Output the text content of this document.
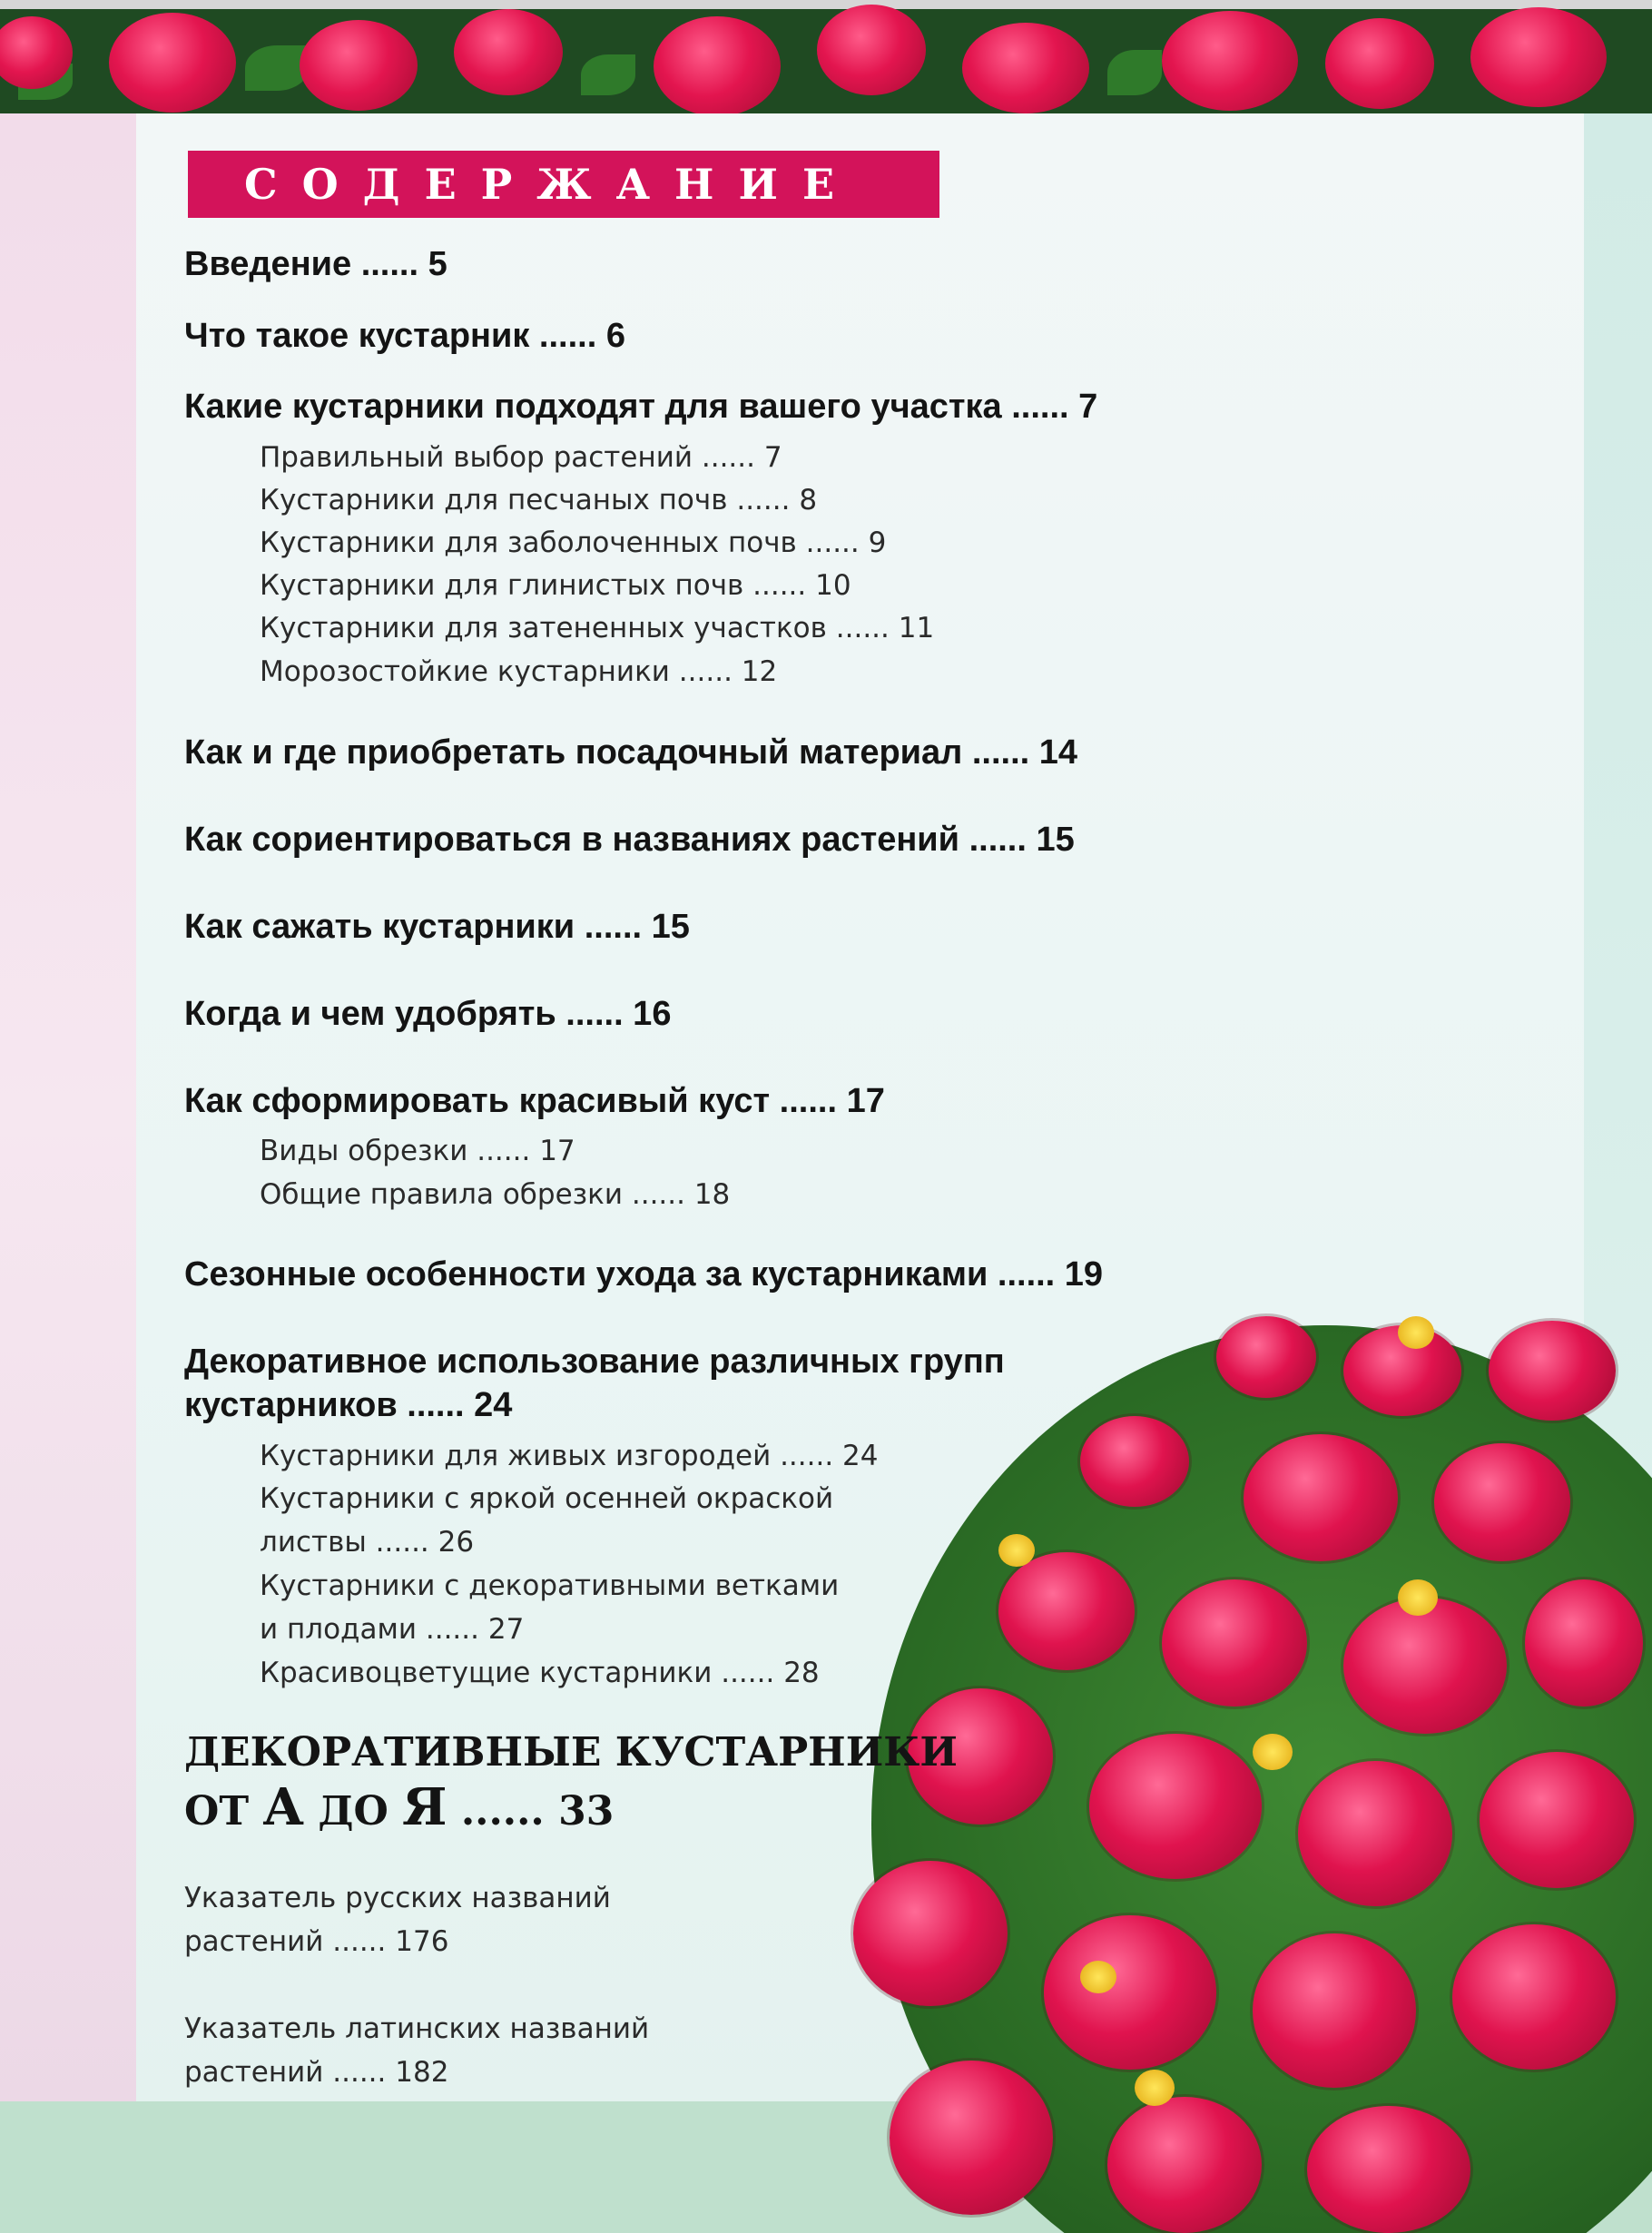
СОДЕРЖАНИЕ

Введение ...... 5

Что такое кустарник ...... 6

Какие кустарники подходят для вашего участка ...... 7

Правильный выбор растений ...... 7

Кустарники для песчаных почв ...... 8

Кустарники для заболоченных почв ...... 9

Кустарники для глинистых почв ...... 10

Кустарники для затененных участков ...... 11

Морозостойкие кустарники ...... 12

Как и где приобретать посадочный материал ...... 14

Как сориентироваться в названиях растений ...... 15

Как сажать кустарники ...... 15

Когда и чем удобрять ...... 16

Как сформировать красивый куст ...... 17

Виды обрезки ...... 17

Общие правила обрезки ...... 18

Сезонные особенности ухода за кустарниками ...... 19

Декоративное использование различных групп

кустарников ...... 24

Кустарники для живых изгородей ...... 24

Кустарники с яркой осенней окраской

листвы ...... 26

Кустарники с декоративными ветками

и плодами ...... 27

Красивоцветущие кустарники ...... 28

ДЕКОРАТИВНЫЕ КУСТАРНИКИ

ОТ А ДО Я ...... 33

Указатель русских названий

растений ...... 176

Указатель латинских названий

растений ...... 182
